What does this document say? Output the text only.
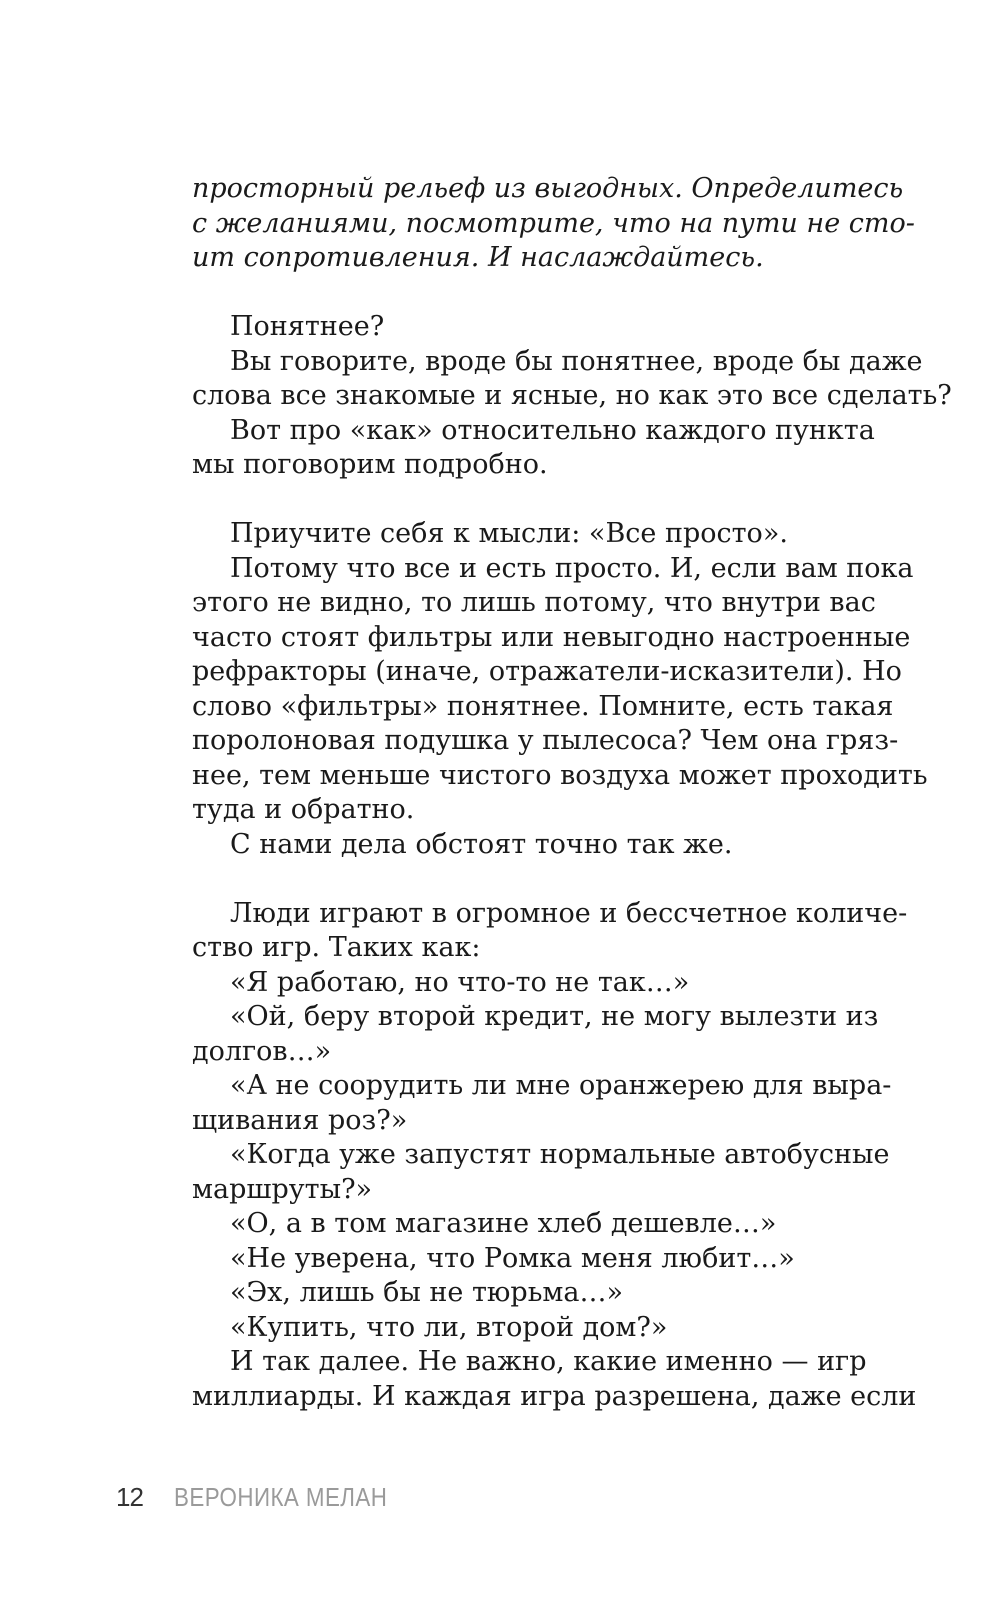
просторный рельеф из выгодных. Определитесь
с желаниями, посмотрите, что на пути не сто-
ит сопротивления. И наслаждайтесь.
Понятнее?
Вы говорите, вроде бы понятнее, вроде бы даже
слова все знакомые и ясные, но как это все сделать?
Вот про «как» относительно каждого пункта
мы поговорим подробно.
Приучите себя к мысли: «Все просто».
Потому что все и есть просто. И, если вам пока
этого не видно, то лишь потому, что внутри вас
часто стоят фильтры или невыгодно настроенные
рефракторы (иначе, отражатели-исказители). Но
слово «фильтры» понятнее. Помните, есть такая
поролоновая подушка у пылесоса? Чем она гряз-
нее, тем меньше чистого воздуха может проходить
туда и обратно.
С нами дела обстоят точно так же.
Люди играют в огромное и бессчетное количе-
ство игр. Таких как:
«Я работаю, но что-то не так…»
«Ой, беру второй кредит, не могу вылезти из
долгов…»
«А не соорудить ли мне оранжерею для выра-
щивания роз?»
«Когда уже запустят нормальные автобусные
маршруты?»
«О, а в том магазине хлеб дешевле…»
«Не уверена, что Ромка меня любит…»
«Эх, лишь бы не тюрьма…»
«Купить, что ли, второй дом?»
И так далее. Не важно, какие именно — игр
миллиарды. И каждая игра разрешена, даже если
12 ВЕРОНИКА МЕЛАН
